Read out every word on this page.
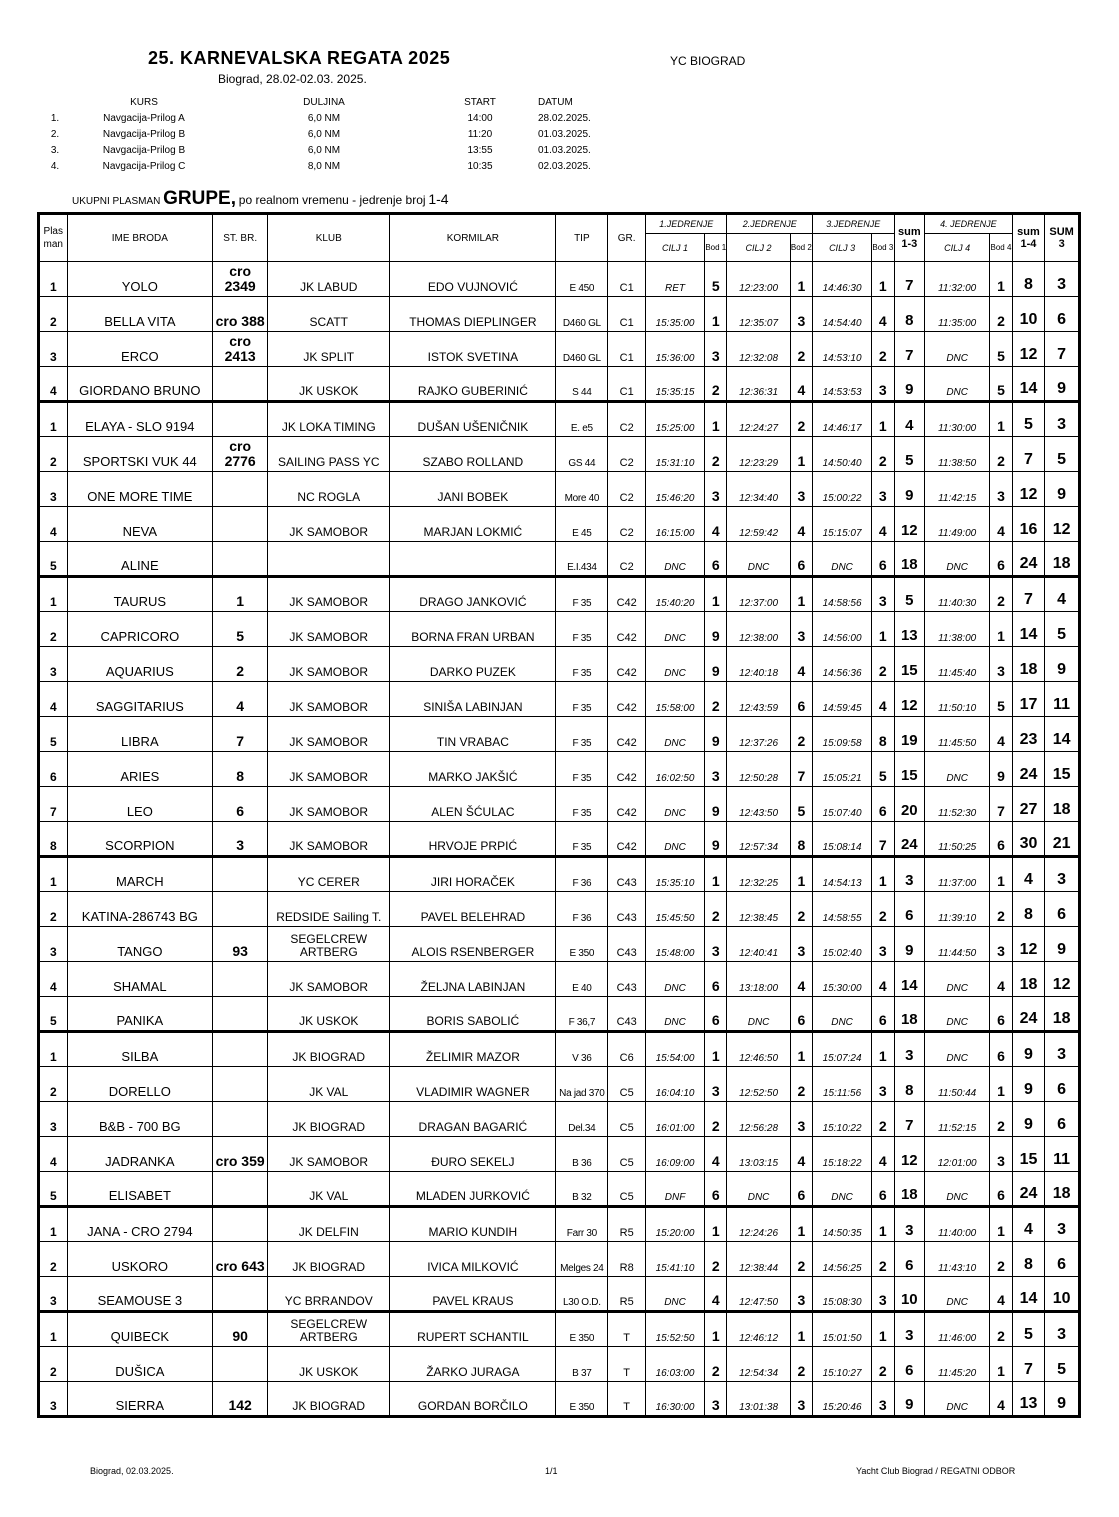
25. KARNEVALSKA REGATA 2025
Biograd, 28.02-02.03. 2025.
YC BIOGRAD
	KURS	DULJINA	START	DATUM
1.	Navgacija-Prilog A	6,0 NM	14:00	28.02.2025.
2.	Navgacija-Prilog B	6,0 NM	11:20	01.03.2025.
3.	Navgacija-Prilog B	6,0 NM	13:55	01.03.2025.
4.	Navgacija-Prilog C	8,0 NM	10:35	02.03.2025.
UKUPNI PLASMAN GRUPE, po realnom vremenu - jedrenje broj 1-4
Plas man	IME BRODA	ST. BR.	KLUB	KORMILAR	TIP	GR.	1.JEDRENJE		2.JEDRENJE		3.JEDRENJE		sum 1-3	4. JEDRENJE		sum 1-4	SUM 3
							CILJ 1	Bod 1	CILJ 2	Bod 2	CILJ 3	Bod 3		CILJ 4	Bod 4		
1	YOLO	cro 2349	JK LABUD	EDO VUJNOVIĆ	E 450	C1	RET	5	12:23:00	1	14:46:30	1	7	11:32:00	1	8	3
2	BELLA VITA	cro 388	SCATT	THOMAS DIEPLINGER	D460 GL	C1	15:35:00	1	12:35:07	3	14:54:40	4	8	11:35:00	2	10	6
3	ERCO	cro 2413	JK SPLIT	ISTOK SVETINA	D460 GL	C1	15:36:00	3	12:32:08	2	14:53:10	2	7	DNC	5	12	7
4	GIORDANO BRUNO		JK USKOK	RAJKO GUBERINIĆ	S 44	C1	15:35:15	2	12:36:31	4	14:53:53	3	9	DNC	5	14	9
1	ELAYA - SLO 9194		JK LOKA TIMING	DUŠAN UŠENIČNIK	E. e5	C2	15:25:00	1	12:24:27	2	14:46:17	1	4	11:30:00	1	5	3
2	SPORTSKI VUK 44	cro 2776	SAILING PASS YC	SZABO ROLLAND	GS 44	C2	15:31:10	2	12:23:29	1	14:50:40	2	5	11:38:50	2	7	5
3	ONE MORE TIME		NC ROGLA	JANI BOBEK	More 40	C2	15:46:20	3	12:34:40	3	15:00:22	3	9	11:42:15	3	12	9
4	NEVA		JK SAMOBOR	MARJAN LOKMIĆ	E 45	C2	16:15:00	4	12:59:42	4	15:15:07	4	12	11:49:00	4	16	12
5	ALINE				E.I.434	C2	DNC	6	DNC	6	DNC	6	18	DNC	6	24	18
1	TAURUS	1	JK SAMOBOR	DRAGO JANKOVIĆ	F 35	C42	15:40:20	1	12:37:00	1	14:58:56	3	5	11:40:30	2	7	4
2	CAPRICORO	5	JK SAMOBOR	BORNA FRAN URBAN	F 35	C42	DNC	9	12:38:00	3	14:56:00	1	13	11:38:00	1	14	5
3	AQUARIUS	2	JK SAMOBOR	DARKO PUZEK	F 35	C42	DNC	9	12:40:18	4	14:56:36	2	15	11:45:40	3	18	9
4	SAGGITARIUS	4	JK SAMOBOR	SINIŠA LABINJAN	F 35	C42	15:58:00	2	12:43:59	6	14:59:45	4	12	11:50:10	5	17	11
5	LIBRA	7	JK SAMOBOR	TIN VRABAC	F 35	C42	DNC	9	12:37:26	2	15:09:58	8	19	11:45:50	4	23	14
6	ARIES	8	JK SAMOBOR	MARKO JAKŠIĆ	F 35	C42	16:02:50	3	12:50:28	7	15:05:21	5	15	DNC	9	24	15
7	LEO	6	JK SAMOBOR	ALEN ŠĆULAC	F 35	C42	DNC	9	12:43:50	5	15:07:40	6	20	11:52:30	7	27	18
8	SCORPION	3	JK SAMOBOR	HRVOJE PRPIĆ	F 35	C42	DNC	9	12:57:34	8	15:08:14	7	24	11:50:25	6	30	21
1	MARCH		YC CERER	JIRI HORAČEK	F 36	C43	15:35:10	1	12:32:25	1	14:54:13	1	3	11:37:00	1	4	3
2	KATINA-286743 BG		REDSIDE Sailing T.	PAVEL BELEHRAD	F 36	C43	15:45:50	2	12:38:45	2	14:58:55	2	6	11:39:10	2	8	6
3	TANGO	93	SEGELCREW ARTBERG	ALOIS RSENBERGER	E 350	C43	15:48:00	3	12:40:41	3	15:02:40	3	9	11:44:50	3	12	9
4	SHAMAL		JK SAMOBOR	ŽELJNA LABINJAN	E 40	C43	DNC	6	13:18:00	4	15:30:00	4	14	DNC	4	18	12
5	PANIKA		JK USKOK	BORIS SABOLIĆ	F 36,7	C43	DNC	6	DNC	6	DNC	6	18	DNC	6	24	18
1	SILBA		JK BIOGRAD	ŽELIMIR MAZOR	V 36	C6	15:54:00	1	12:46:50	1	15:07:24	1	3	DNC	6	9	3
2	DORELLO		JK VAL	VLADIMIR WAGNER	Na jad 370	C5	16:04:10	3	12:52:50	2	15:11:56	3	8	11:50:44	1	9	6
3	B&B - 700 BG		JK BIOGRAD	DRAGAN BAGARIĆ	Del.34	C5	16:01:00	2	12:56:28	3	15:10:22	2	7	11:52:15	2	9	6
4	JADRANKA	cro 359	JK SAMOBOR	ĐURO SEKELJ	B 36	C5	16:09:00	4	13:03:15	4	15:18:22	4	12	12:01:00	3	15	11
5	ELISABET		JK VAL	MLADEN JURKOVIĆ	B 32	C5	DNF	6	DNC	6	DNC	6	18	DNC	6	24	18
1	JANA - CRO 2794		JK DELFIN	MARIO KUNDIH	Farr 30	R5	15:20:00	1	12:24:26	1	14:50:35	1	3	11:40:00	1	4	3
2	USKORO	cro 643	JK BIOGRAD	IVICA MILKOVIĆ	Melges 24	R8	15:41:10	2	12:38:44	2	14:56:25	2	6	11:43:10	2	8	6
3	SEAMOUSE 3		YC BRRANDOV	PAVEL KRAUS	L30 O.D.	R5	DNC	4	12:47:50	3	15:08:30	3	10	DNC	4	14	10
1	QUIBECK	90	SEGELCREW ARTBERG	RUPERT SCHANTIL	E 350	T	15:52:50	1	12:46:12	1	15:01:50	1	3	11:46:00	2	5	3
2	DUŠICA		JK USKOK	ŽARKO JURAGA	B 37	T	16:03:00	2	12:54:34	2	15:10:27	2	6	11:45:20	1	7	5
3	SIERRA	142	JK BIOGRAD	GORDAN BORČILO	E 350	T	16:30:00	3	13:01:38	3	15:20:46	3	9	DNC	4	13	9
Biograd, 02.03.2025.	1/1	Yacht Club Biograd / REGATNI ODBOR
